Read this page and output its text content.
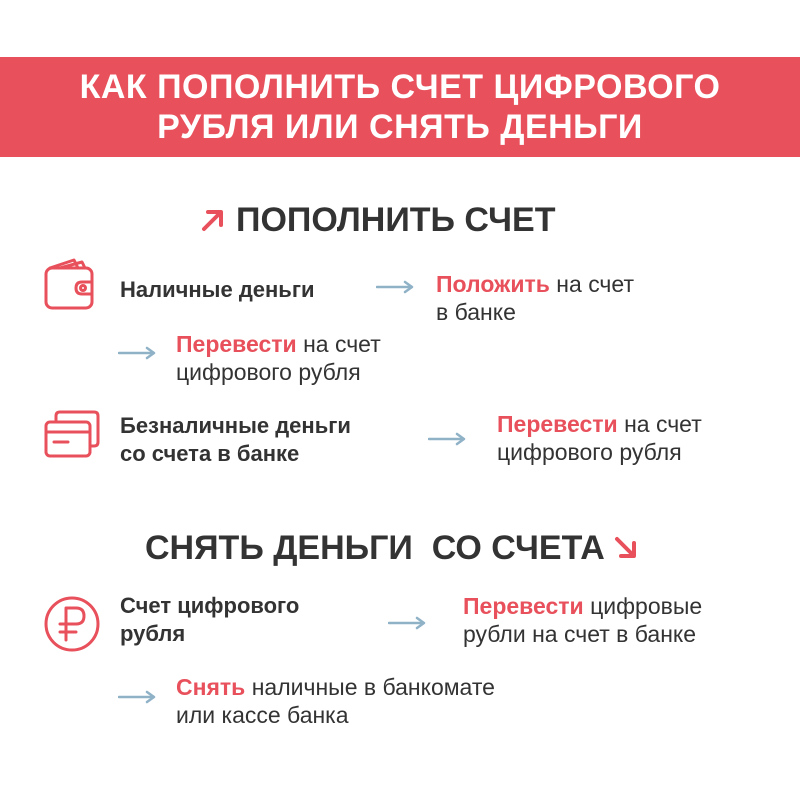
КАК ПОПОЛНИТЬ СЧЕТ ЦИФРОВОГО
РУБЛЯ ИЛИ СНЯТЬ ДЕНЬГИ
ПОПОЛНИТЬ СЧЕТ
Наличные деньги	Положить на счет
в банке
Перевести на счет
цифрового рубля
Безналичные деньги
со счета в банке
Перевести на счет
цифрового рубля
СНЯТЬ ДЕНЬГИ  СО СЧЕТА
Счет цифрового
рубля
Перевести цифровые
рубли на счет в банке
Снять наличные в банкомате
или кассе банка
